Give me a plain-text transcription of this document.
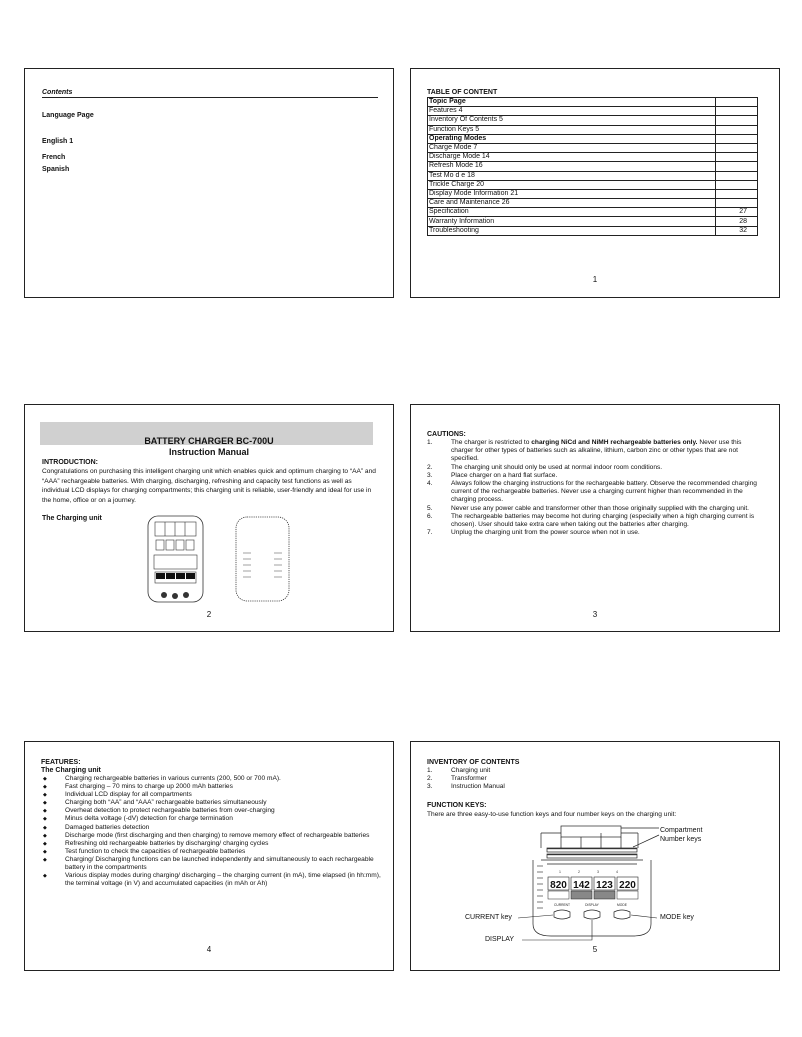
Contents
Language Page
English 1
French
Spanish
TABLE OF CONTENT
Topic Page	
Features 4	
Inventory Of Contents 5	
Function Keys 5	
Operating Modes	
Charge Mode 7	
Discharge Mode 14	
Refresh Mode 16	
Test Mo d e 18	
Trickle Charge 20	
Display Mode Information 21	
Care and Maintenance 26	
Specification	27
Warranty Information	28
Troubleshooting	32
1
BATTERY CHARGER BC-700U
Instruction Manual
INTRODUCTION:
Congratulations on purchasing this intelligent charging unit which enables quick and optimum charging to “AA” and “AAA” rechargeable batteries. With charging, discharging, refreshing and capacity test functions as well as individual LCD displays for charging compartments; this charging unit is reliable, user-friendly and ideal for use in the home, office or on a journey.
The Charging unit
2
CAUTIONS:
1.	The charger is restricted to charging NiCd and NiMH rechargeable batteries only. Never use this charger for other types of batteries such as alkaline, lithium, carbon zinc or other types that are not specified.
2.	The charging unit should only be used at normal indoor room conditions.
3.	Place charger on a hard flat surface.
4.	Always follow the charging instructions for the rechargeable battery. Observe the recommended charging current of the rechargeable batteries. Never use a charging current higher than recommended in the charging process.
5.	Never use any power cable and transformer other than those originally supplied with the charging unit.
6.	The rechargeable batteries may become hot during charging (especially when a high charging current is chosen). User should take extra care when taking out the batteries after charging.
7.	Unplug the charging unit from the power source when not in use.
3
FEATURES:
The Charging unit
◆	Charging rechargeable batteries in various currents (200, 500 or 700 mA).
◆	Fast charging – 70 mins to charge up 2000 mAh batteries
◆	Individual LCD display for all compartments
◆	Charging both “AA” and “AAA” rechargeable batteries simultaneously
◆	Overheat detection to protect rechargeable batteries from over-charging
◆	Minus delta voltage (-dV) detection for charge termination
◆	Damaged batteries detection
◆	Discharge mode (first discharging and then charging) to remove memory effect of rechargeable batteries
◆	Refreshing old rechargeable batteries by discharging/ charging cycles
◆	Test function to check the capacities of rechargeable batteries
◆	Charging/ Discharging functions can be launched independently and simultaneously to each rechargeable battery in the compartments
◆	Various display modes during charging/ discharging – the charging current (in mA), time elapsed (in hh:mm), the terminal voltage (in V) and accumulated capacities (in mAh or Ah)
4
INVENTORY OF CONTENTS
1.	Charging unit
2.	Transformer
3.	Instruction Manual
FUNCTION KEYS:
There are three easy-to-use function keys and four number keys on the charging unit:
1	2	3	4
820 142 123 220
CURRENT	DISPLAY	MODE
Compartment
Number keys
CURRENT key	MODE key
DISPLAY
5
